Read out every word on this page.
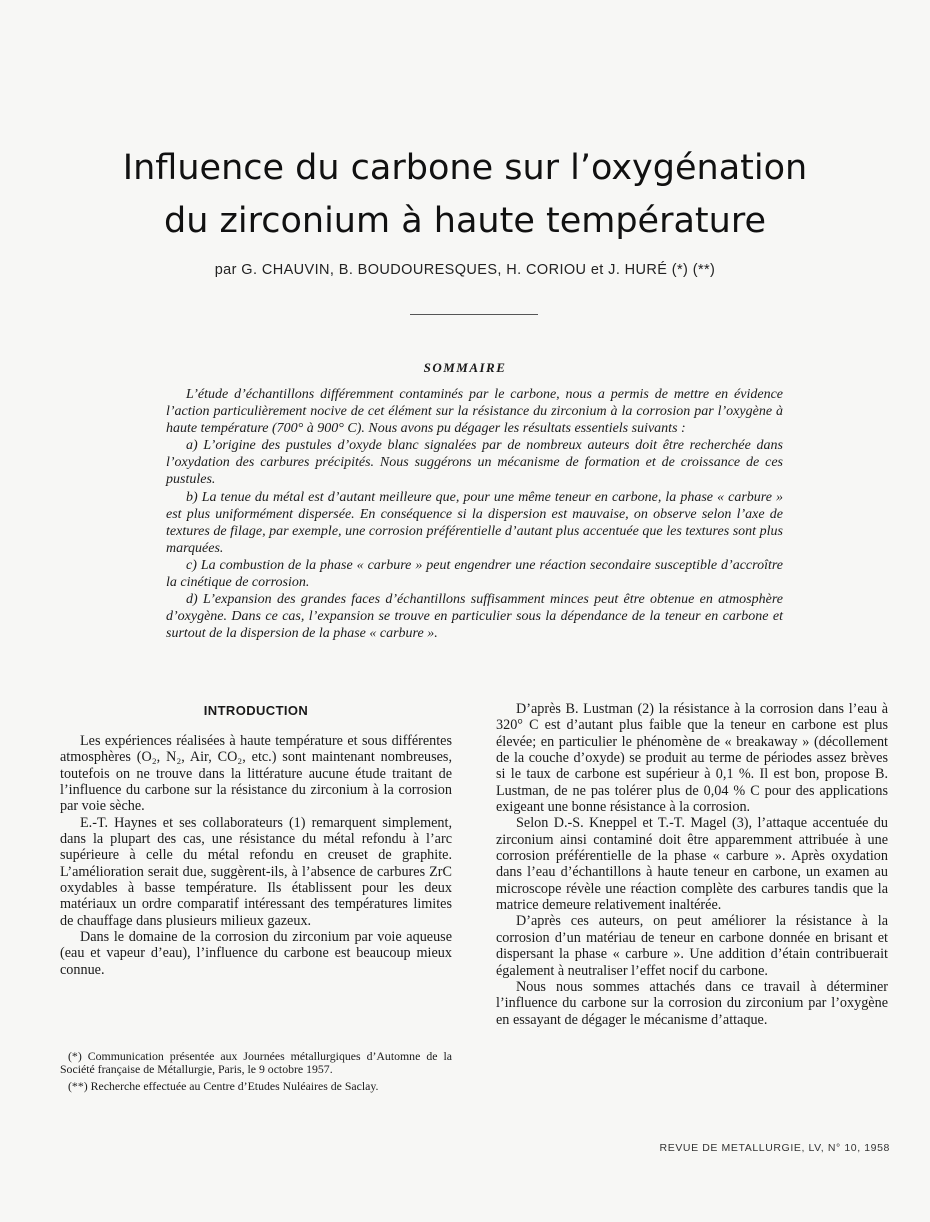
Influence du carbone sur l’oxygénation
du zirconium à haute température
par G. CHAUVIN, B. BOUDOURESQUES, H. CORIOU et J. HURÉ (*) (**)
SOMMAIRE

L’étude d’échantillons différemment contaminés par le carbone, nous a permis de mettre en évidence l’action particulièrement nocive de cet élément sur la résistance du zirconium à la corrosion par l’oxygène à haute température (700° à 900° C). Nous avons pu dégager les résultats essentiels suivants :

a) L’origine des pustules d’oxyde blanc signalées par de nombreux auteurs doit être recherchée dans l’oxydation des carbures précipités. Nous suggérons un mécanisme de formation et de croissance de ces pustules.

b) La tenue du métal est d’autant meilleure que, pour une même teneur en carbone, la phase « carbure » est plus uniformément dispersée. En conséquence si la dispersion est mauvaise, on observe selon l’axe de textures de filage, par exemple, une corrosion préférentielle d’autant plus accentuée que les textures sont plus marquées.

c) La combustion de la phase « carbure » peut engendrer une réaction secondaire susceptible d’accroître la cinétique de corrosion.

d) L’expansion des grandes faces d’échantillons suffisamment minces peut être obtenue en atmosphère d’oxygène. Dans ce cas, l’expansion se trouve en particulier sous la dépendance de la teneur en carbone et surtout de la dispersion de la phase « carbure ».

INTRODUCTION

Les expériences réalisées à haute température et sous différentes atmosphères (O₂, N₂, Air, CO₂, etc.) sont maintenant nombreuses, toutefois on ne trouve dans la littérature aucune étude traitant de l’influence du carbone sur la résistance du zirconium à la corrosion par voie sèche.

E.-T. Haynes et ses collaborateurs (1) remarquent simplement, dans la plupart des cas, une résistance du métal refondu à l’arc supérieure à celle du métal refondu en creuset de graphite. L’amélioration serait due, suggèrent-ils, à l’absence de carbures ZrC oxydables à basse température. Ils établissent pour les deux matériaux un ordre comparatif intéressant des températures limites de chauffage dans plusieurs milieux gazeux.

Dans le domaine de la corrosion du zirconium par voie aqueuse (eau et vapeur d’eau), l’influence du carbone est beaucoup mieux connue.

(*) Communication présentée aux Journées métallurgiques d’Automne de la Société française de Métallurgie, Paris, le 9 octobre 1957.

(**) Recherche effectuée au Centre d’Etudes Nuléaires de Saclay.

D’après B. Lustman (2) la résistance à la corrosion dans l’eau à 320° C est d’autant plus faible que la teneur en carbone est plus élevée; en particulier le phénomène de « breakaway » (décollement de la couche d’oxyde) se produit au terme de périodes assez brèves si le taux de carbone est supérieur à 0,1 %. Il est bon, propose B. Lustman, de ne pas tolérer plus de 0,04 % C pour des applications exigeant une bonne résistance à la corrosion.

Selon D.-S. Kneppel et T.-T. Magel (3), l’attaque accentuée du zirconium ainsi contaminé doit être apparemment attribuée à une corrosion préférentielle de la phase « carbure ». Après oxydation dans l’eau d’échantillons à haute teneur en carbone, un examen au microscope révèle une réaction complète des carbures tandis que la matrice demeure relativement inaltérée.

D’après ces auteurs, on peut améliorer la résistance à la corrosion d’un matériau de teneur en carbone donnée en brisant et dispersant la phase « carbure ». Une addition d’étain contribuerait également à neutraliser l’effet nocif du carbone.

Nous nous sommes attachés dans ce travail à déterminer l’influence du carbone sur la corrosion du zirconium par l’oxygène en essayant de dégager le mécanisme d’attaque.

REVUE DE METALLURGIE, LV, N° 10, 1958
